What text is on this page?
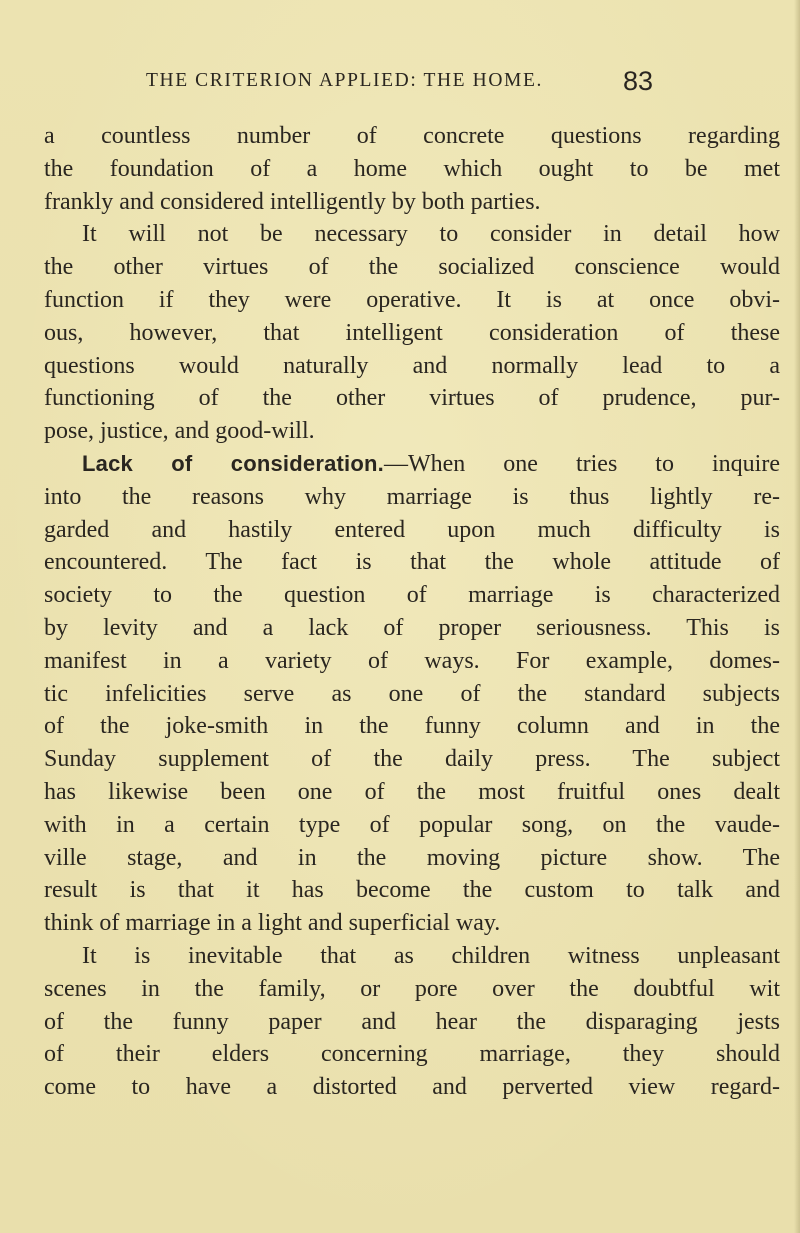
THE CRITERION APPLIED: THE HOME.	83
a countless number of concrete questions regarding
the foundation of a home which ought to be met
frankly and considered intelligently by both parties.
It will not be necessary to consider in detail how
the other virtues of the socialized conscience would
function if they were operative. It is at once obvi-
ous, however, that intelligent consideration of these
questions would naturally and normally lead to a
functioning of the other virtues of prudence, pur-
pose, justice, and good-will.
Lack of consideration.—When one tries to inquire
into the reasons why marriage is thus lightly re-
garded and hastily entered upon much difficulty is
encountered. The fact is that the whole attitude of
society to the question of marriage is characterized
by levity and a lack of proper seriousness. This is
manifest in a variety of ways. For example, domes-
tic infelicities serve as one of the standard subjects
of the joke-smith in the funny column and in the
Sunday supplement of the daily press. The subject
has likewise been one of the most fruitful ones dealt
with in a certain type of popular song, on the vaude-
ville stage, and in the moving picture show. The
result is that it has become the custom to talk and
think of marriage in a light and superficial way.
It is inevitable that as children witness unpleasant
scenes in the family, or pore over the doubtful wit
of the funny paper and hear the disparaging jests
of their elders concerning marriage, they should
come to have a distorted and perverted view regard-
